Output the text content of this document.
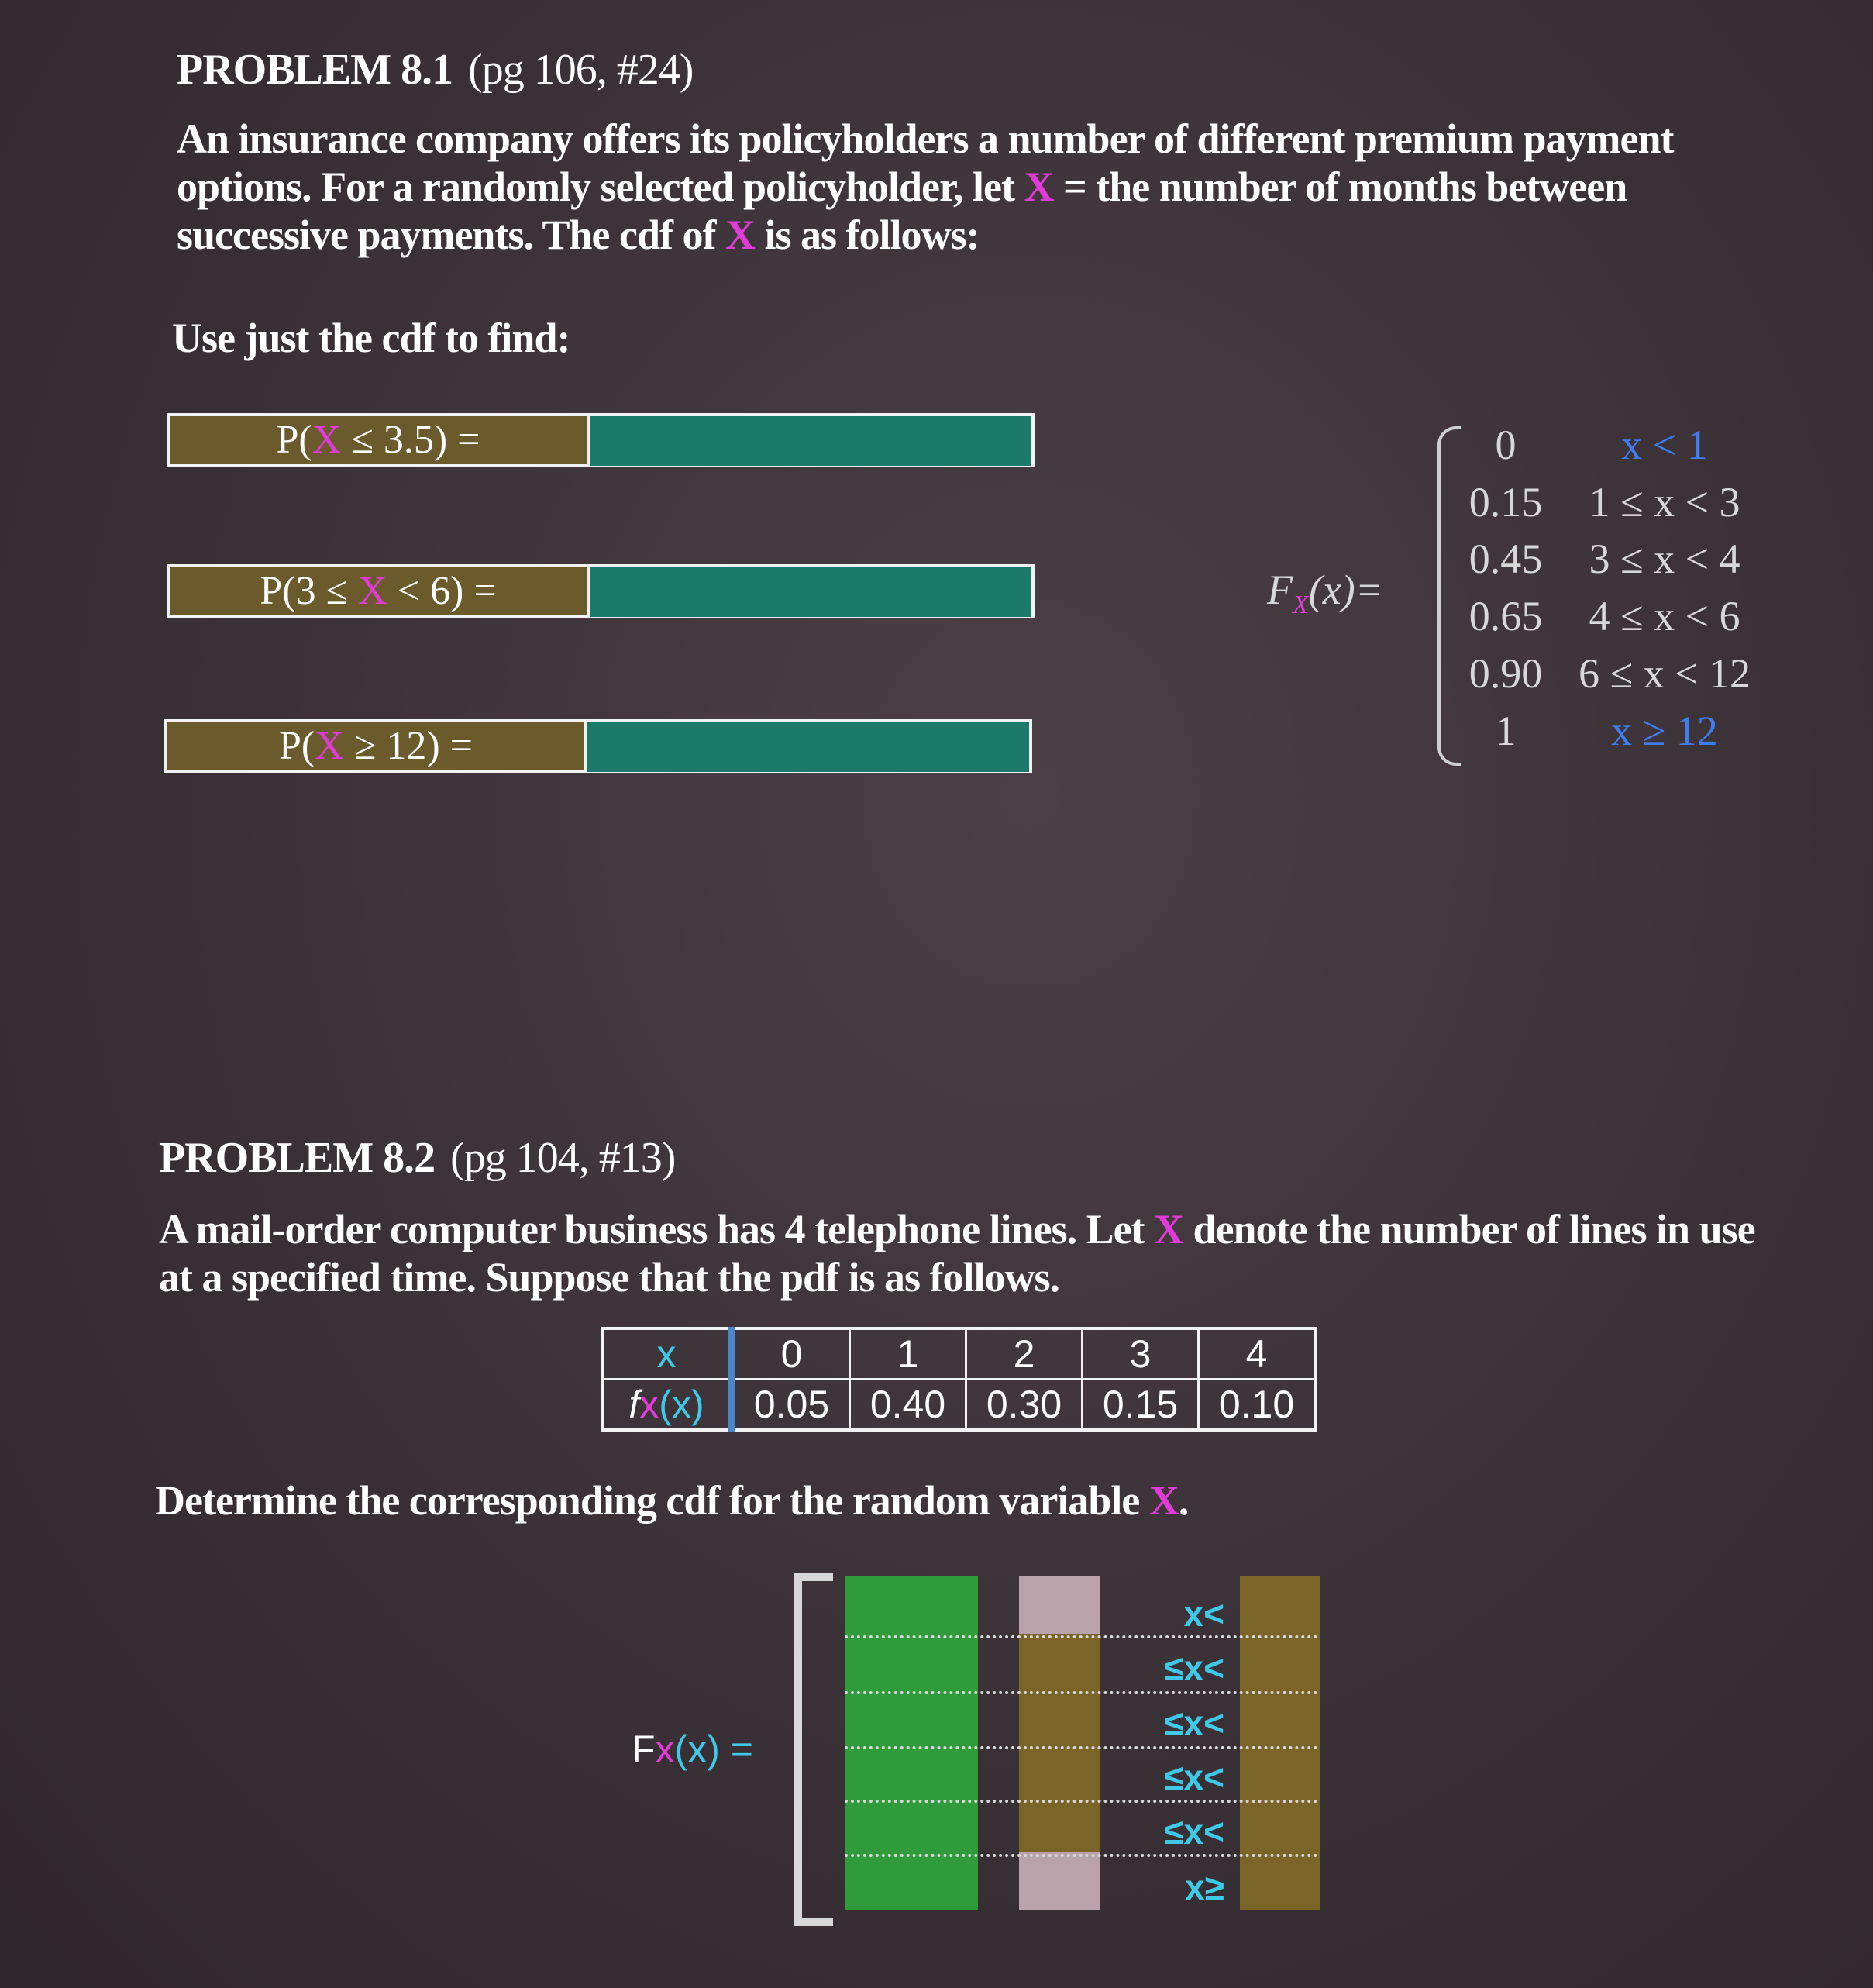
PROBLEM 8.1 (pg 106, #24)
An insurance company offers its policyholders a number of different premium payment options. For a randomly selected policyholder, let X = the number of months between successive payments. The cdf of X is as follows:
Use just the cdf to find:
P(X ≤ 3.5) =
P(3 ≤ X < 6) =
P(X ≥ 12) =
$F_X(x)=$
0	x < 1
0.15	1 ≤ x < 3
0.45	3 ≤ x < 4
0.65	4 ≤ x < 6
0.90 6 ≤ x < 12
1	x ≥ 12
PROBLEM 8.2 (pg 104, #13)
A mail-order computer business has 4 telephone lines. Let X denote the number of lines in use at a specified time. Suppose that the pdf is as follows.
x	0	1	2	3	4
fx(x)	0.05	0.40	0.30	0.15	0.10
Determine the corresponding cdf for the random variable X.
Fx(x) =
x<
≤x<
≤x<
≤x<
≤x<
x≥
